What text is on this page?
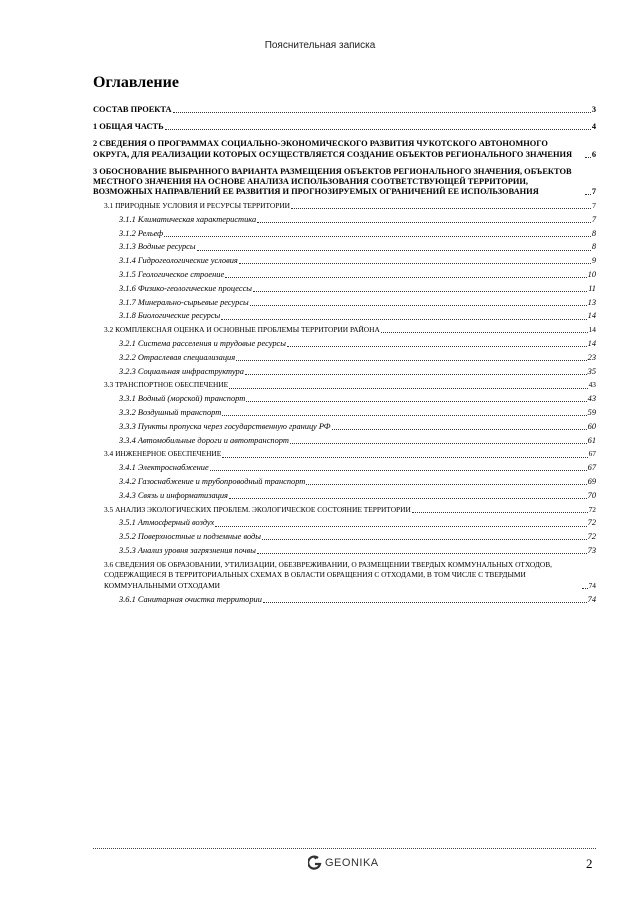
Пояснительная записка
Оглавление
СОСТАВ ПРОЕКТА	3
1 ОБЩАЯ ЧАСТЬ	4
2 СВЕДЕНИЯ О ПРОГРАММАХ СОЦИАЛЬНО-ЭКОНОМИЧЕСКОГО РАЗВИТИЯ ЧУКОТСКОГО АВТОНОМНОГО ОКРУГА, ДЛЯ РЕАЛИЗАЦИИ КОТОРЫХ ОСУЩЕСТВЛЯЕТСЯ СОЗДАНИЕ ОБЪЕКТОВ РЕГИОНАЛЬНОГО ЗНАЧЕНИЯ	6
3 ОБОСНОВАНИЕ ВЫБРАННОГО ВАРИАНТА РАЗМЕЩЕНИЯ ОБЪЕКТОВ РЕГИОНАЛЬНОГО ЗНАЧЕНИЯ, ОБЪЕКТОВ МЕСТНОГО ЗНАЧЕНИЯ НА ОСНОВЕ АНАЛИЗА ИСПОЛЬЗОВАНИЯ СООТВЕТСТВУЮЩЕЙ ТЕРРИТОРИИ, ВОЗМОЖНЫХ НАПРАВЛЕНИЙ ЕЕ РАЗВИТИЯ И ПРОГНОЗИРУЕМЫХ ОГРАНИЧЕНИЙ ЕЕ ИСПОЛЬЗОВАНИЯ	7
3.1 ПРИРОДНЫЕ УСЛОВИЯ И РЕСУРСЫ ТЕРРИТОРИИ	7
3.1.1 Климатическая характеристика	7
3.1.2 Рельеф	8
3.1.3 Водные ресурсы	8
3.1.4 Гидрогеологические условия	9
3.1.5 Геологическое строение	10
3.1.6 Физико-геологические процессы	11
3.1.7 Минерально-сырьевые ресурсы	13
3.1.8 Биологические ресурсы	14
3.2 КОМПЛЕКСНАЯ ОЦЕНКА И ОСНОВНЫЕ ПРОБЛЕМЫ ТЕРРИТОРИИ РАЙОНА	14
3.2.1 Система расселения и трудовые ресурсы	14
3.2.2 Отраслевая специализация	23
3.2.3 Социальная инфраструктура	35
3.3 ТРАНСПОРТНОЕ ОБЕСПЕЧЕНИЕ	43
3.3.1 Водный (морской) транспорт	43
3.3.2 Воздушный транспорт	59
3.3.3 Пункты пропуска через государственную границу РФ	60
3.3.4 Автомобильные дороги и автотранспорт	61
3.4 ИНЖЕНЕРНОЕ ОБЕСПЕЧЕНИЕ	67
3.4.1 Электроснабжение	67
3.4.2 Газоснабжение и трубопроводный транспорт	69
3.4.3 Связь и информатизация	70
3.5 АНАЛИЗ ЭКОЛОГИЧЕСКИХ ПРОБЛЕМ. ЭКОЛОГИЧЕСКОЕ СОСТОЯНИЕ ТЕРРИТОРИИ	72
3.5.1 Атмосферный воздух	72
3.5.2 Поверхностные и подземные воды	72
3.5.3 Анализ уровня загрязнения почвы	73
3.6 СВЕДЕНИЯ ОБ ОБРАЗОВАНИИ, УТИЛИЗАЦИИ, ОБЕЗВРЕЖИВАНИИ, О РАЗМЕЩЕНИИ ТВЕРДЫХ КОММУНАЛЬНЫХ ОТХОДОВ, СОДЕРЖАЩИЕСЯ В ТЕРРИТОРИАЛЬНЫХ СХЕМАХ В ОБЛАСТИ ОБРАЩЕНИЯ С ОТХОДАМИ, В ТОМ ЧИСЛЕ С ТВЕРДЫМИ КОММУНАЛЬНЫМИ ОТХОДАМИ	74
3.6.1 Санитарная очистка территории	74
GEONIKA	2
